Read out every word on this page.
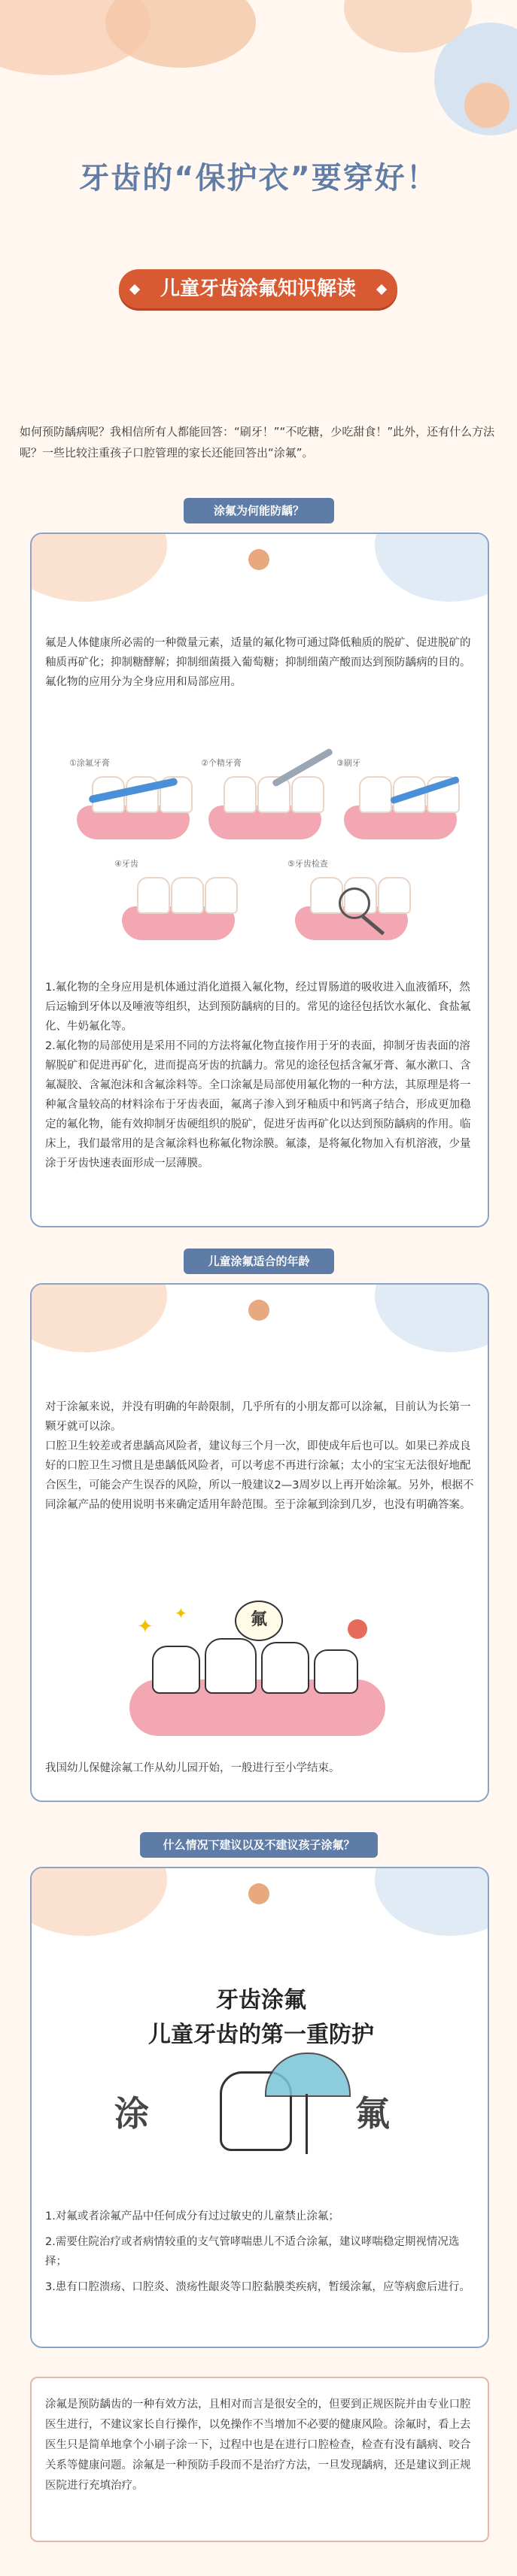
牙齿的“保护衣”要穿好！
儿童牙齿涂氟知识解读
如何预防龋病呢？我相信所有人都能回答：“刷牙！”“不吃糖，少吃甜食！”此外，还有什么方法呢？一些比较注重孩子口腔管理的家长还能回答出“涂氟”。
涂氟为何能防龋？

氟是人体健康所必需的一种微量元素，适量的氟化物可通过降低釉质的脱矿、促进脱矿的釉质再矿化；抑制糖酵解；抑制细菌摄入葡萄糖；抑制细菌产酸而达到预防龋病的目的。

氟化物的应用分为全身应用和局部应用。

①涂氟牙膏	②个精牙膏	③刷牙
④牙齿	⑤牙齿检查

1.氟化物的全身应用是机体通过消化道摄入氟化物，经过胃肠道的吸收进入血液循环，然后运输到牙体以及唾液等组织，达到预防龋病的目的。常见的途径包括饮水氟化、食盐氟化、牛奶氟化等。

2.氟化物的局部使用是采用不同的方法将氟化物直接作用于牙的表面，抑制牙齿表面的溶解脱矿和促进再矿化，进而提高牙齿的抗龋力。常见的途径包括含氟牙膏、氟水漱口、含氟凝胶、含氟泡沫和含氟涂料等。全口涂氟是局部使用氟化物的一种方法，其原理是将一种氟含量较高的材料涂布于牙齿表面，氟离子渗入到牙釉质中和钙离子结合，形成更加稳定的氟化物，能有效抑制牙齿硬组织的脱矿，促进牙齿再矿化以达到预防龋病的作用。临床上，我们最常用的是含氟涂料也称氟化物涂膜。氟漆，是将氟化物加入有机溶液，少量涂于牙齿快速表面形成一层薄膜。

儿童涂氟适合的年龄

对于涂氟来说，并没有明确的年龄限制，几乎所有的小朋友都可以涂氟，目前认为长第一颗牙就可以涂。

口腔卫生较差或者患龋高风险者，建议每三个月一次，即使成年后也可以。如果已养成良好的口腔卫生习惯且是患龋低风险者，可以考虑不再进行涂氟；太小的宝宝无法很好地配合医生，可能会产生误吞的风险，所以一般建议2—3周岁以上再开始涂氟。另外，根据不同涂氟产品的使用说明书来确定适用年龄范围。至于涂氟到涂到几岁，也没有明确答案。

氟
✦
✦

我国幼儿保健涂氟工作从幼儿园开始，一般进行至小学结束。

什么情况下建议以及不建议孩子涂氟？
牙齿涂氟
儿童牙齿的第一重防护
涂	氟

1.对氟或者涂氟产品中任何成分有过过敏史的儿童禁止涂氟；

2.需要住院治疗或者病情较重的支气管哮喘患儿不适合涂氟，建议哮喘稳定期视情况选择；

3.患有口腔溃疡、口腔炎、溃疡性龈炎等口腔黏膜类疾病，暂缓涂氟，应等病愈后进行。

涂氟是预防龋齿的一种有效方法，且相对而言是很安全的，但要到正规医院并由专业口腔医生进行，不建议家长自行操作，以免操作不当增加不必要的健康风险。涂氟时，看上去医生只是简单地拿个小刷子涂一下，过程中也是在进行口腔检查，检查有没有龋病、咬合关系等健康问题。涂氟是一种预防手段而不是治疗方法，一旦发现龋病，还是建议到正规医院进行充填治疗。
